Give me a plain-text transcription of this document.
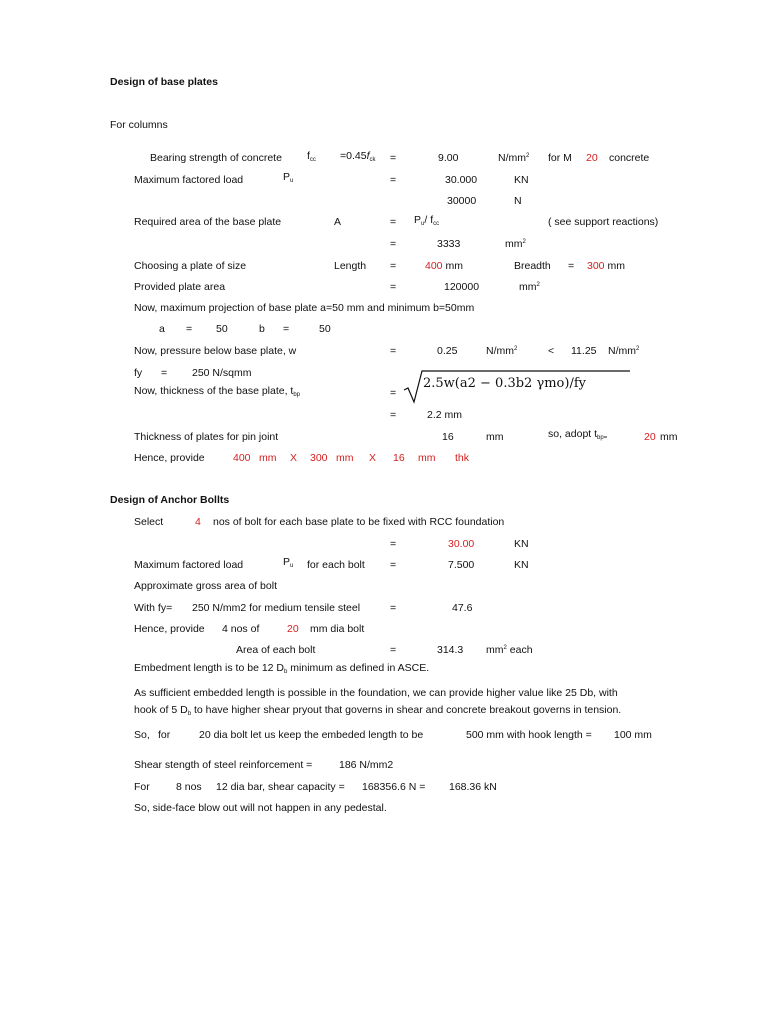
Design of base plates
For columns
Bearing strength of concrete $f_{cc} =0.45f_{ck}$ =	9.00	$N/mm^2$ for M 20 concrete
Maximum factored load	$P_u$	=	30.000	KN
30000	N
Required area of the base plate	A	= $P_u/$ $f_{cc}$	( see support reactions)
=	3333	$mm^2$
Choosing a plate of size	Length =	400 mm	Breadth = 300 mm
Provided plate area	=	120000	$mm^2$
Now, maximum projection of base plate a=50 mm and minimum b=50mm
a = 50	b =	50
Now, pressure below base plate, w	=	0.25	$N/mm^2$	< 11.25 $N/mm^2$
fy = 250 N/sqmm
Now, thickness of the base plate, $t_{bp}$	=
2.5w(a2 − 0.3b2 γmo)/fy
=	2.2 mm
Thickness of plates for pin joint	16	mm	so, adopt $t_{bp=}$	20 mm
Hence, provide	400 mm X 300 mm X 16 mm thk
Design of Anchor Bollts
Select	4 nos of bolt for each base plate to be fixed with RCC foundation
=	30.00	KN
Maximum factored load	$P_u$ for each bolt =	7.500	KN
Approximate gross area of bolt
With fy= 250 N/mm2 for medium tensile steel	=	47.6
Hence, provide 4 nos of	20 mm dia bolt
Area of each bolt	=	314.3 $mm^2$ each
Embedment length is to be 12 $D_b$ minimum as defined in ASCE.
As sufficient embedded length is possible in the foundation, we can provide higher value like 25 Db, with
hook of 5 $D_b$ to have higher shear pryout that governs in shear and concrete breakout governs in tension.
So, for	20 dia bolt let us keep the embeded length to be	500 mm with hook length = 100 mm
Shear stength of steel reinforcement =	186 N/mm2
For	8 nos 12 dia bar, shear capacity = 168356.6 N = 168.36 kN
So, side-face blow out will not happen in any pedestal.
